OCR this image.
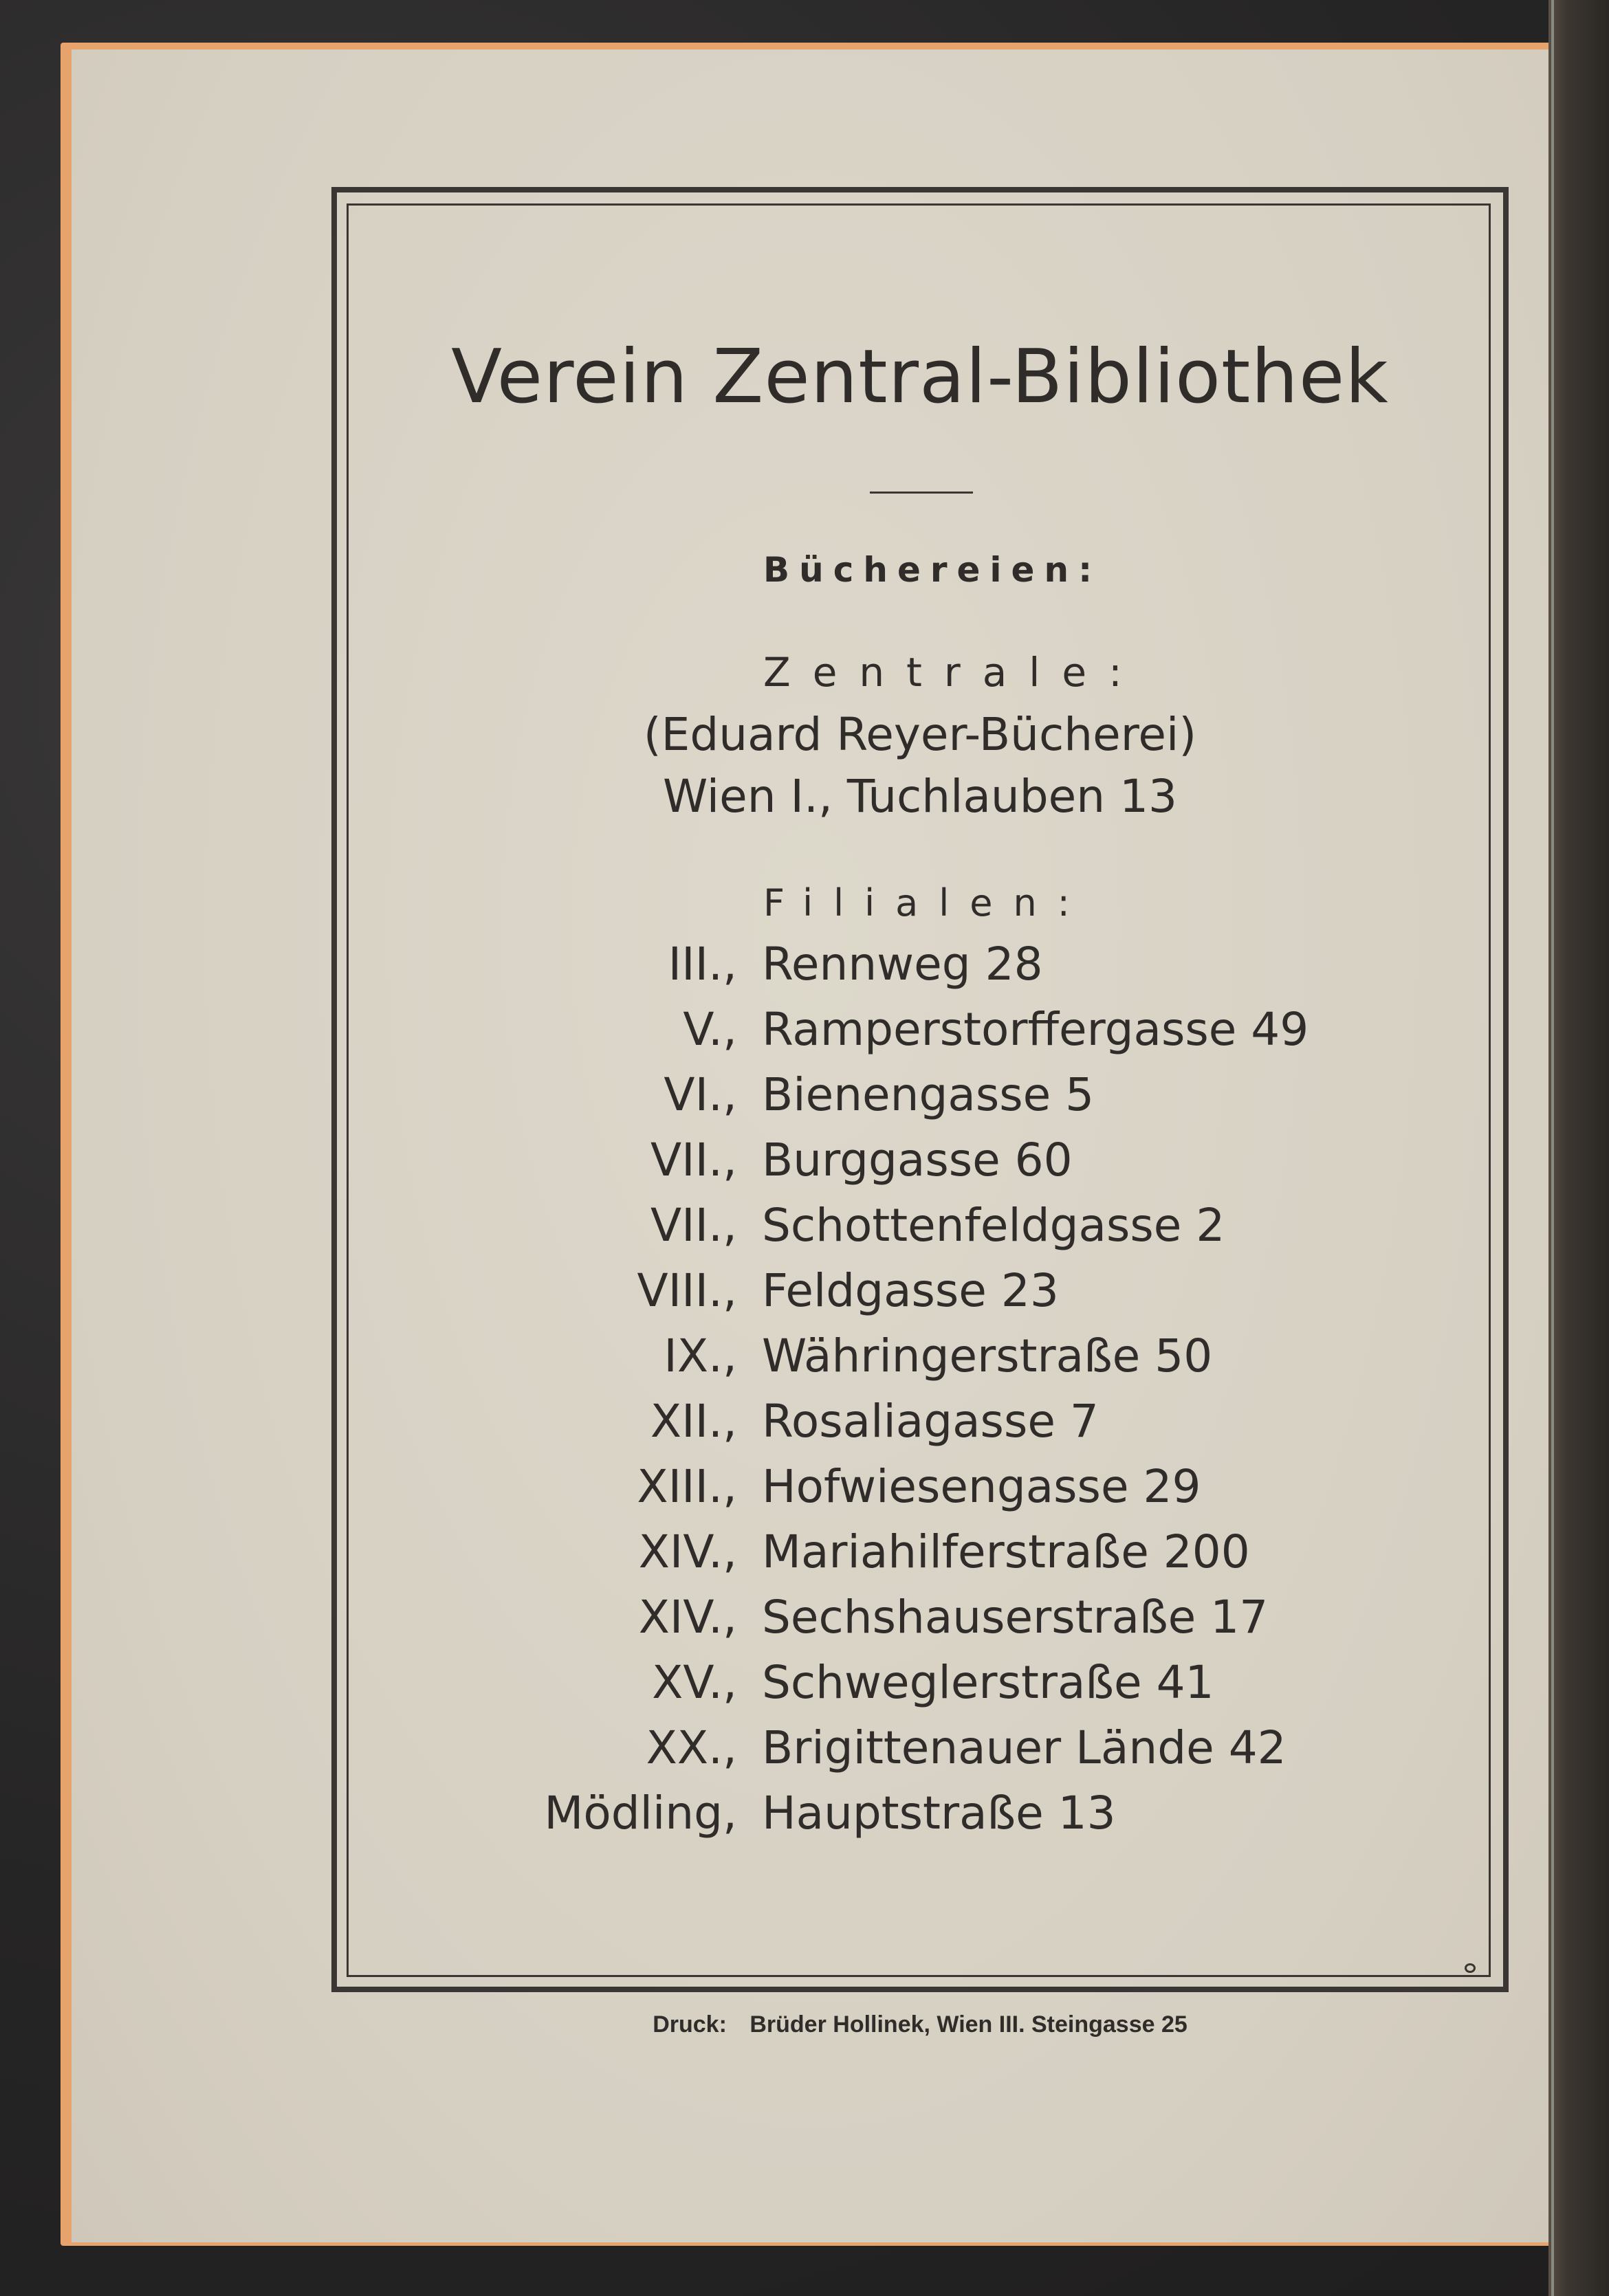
Verein Zentral-Bibliothek
Büchereien:
Zentrale:
(Eduard Reyer-Bücherei)
Wien I., Tuchlauben 13
Filialen:
III., Rennweg 28
V., Ramperstorffergasse 49
VI., Bienengasse 5
VII., Burggasse 60
VII., Schottenfeldgasse 2
VIII., Feldgasse 23
IX., Währingerstraße 50
XII., Rosaliagasse 7
XIII., Hofwiesengasse 29
XIV., Mariahilferstraße 200
XIV., Sechshauserstraße 17
XV., Schweglerstraße 41
XX., Brigittenauer Lände 42
Mödling, Hauptstraße 13
Druck: Brüder Hollinek, Wien III. Steingasse 25
